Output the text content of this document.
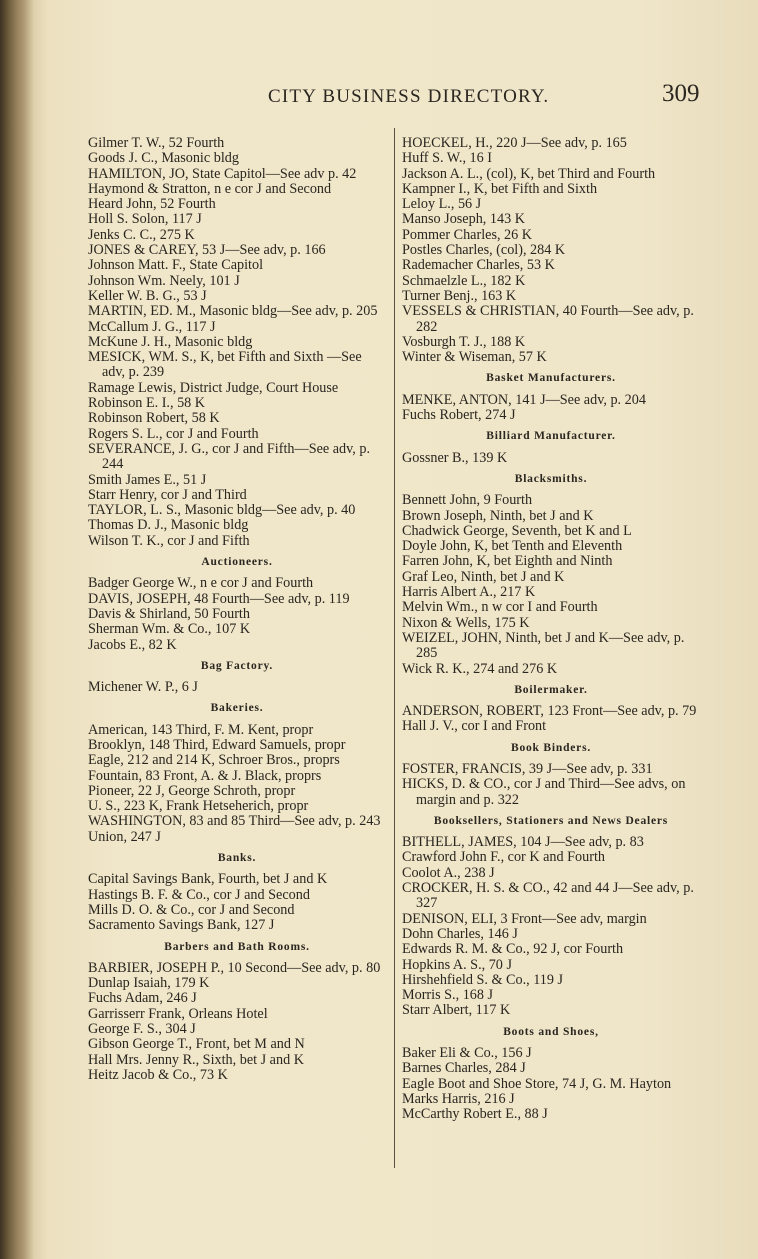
CITY BUSINESS DIRECTORY.	309
Gilmer T. W., 52 Fourth
Goods J. C., Masonic bldg
HAMILTON, JO, State Capitol—See adv p. 42
Haymond & Stratton, n e cor J and Second
Heard John, 52 Fourth
Holl S. Solon, 117 J
Jenks C. C., 275 K
JONES & CAREY, 53 J—See adv, p. 166
Johnson Matt. F., State Capitol
Johnson Wm. Neely, 101 J
Keller W. B. G., 53 J
MARTIN, ED. M., Masonic bldg—See adv, p. 205
McCallum J. G., 117 J
McKune J. H., Masonic bldg
MESICK, WM. S., K, bet Fifth and Sixth —See adv, p. 239
Ramage Lewis, District Judge, Court House
Robinson E. I., 58 K
Robinson Robert, 58 K
Rogers S. L., cor J and Fourth
SEVERANCE, J. G., cor J and Fifth—See adv, p. 244
Smith James E., 51 J
Starr Henry, cor J and Third
TAYLOR, L. S., Masonic bldg—See adv, p. 40
Thomas D. J., Masonic bldg
Wilson T. K., cor J and Fifth
Auctioneers.
Badger George W., n e cor J and Fourth
DAVIS, JOSEPH, 48 Fourth—See adv, p. 119
Davis & Shirland, 50 Fourth
Sherman Wm. & Co., 107 K
Jacobs E., 82 K
Bag Factory.
Michener W. P., 6 J
Bakeries.
American, 143 Third, F. M. Kent, propr
Brooklyn, 148 Third, Edward Samuels, propr
Eagle, 212 and 214 K, Schroer Bros., proprs
Fountain, 83 Front, A. & J. Black, proprs
Pioneer, 22 J, George Schroth, propr
U. S., 223 K, Frank Hetseherich, propr
WASHINGTON, 83 and 85 Third—See adv, p. 243
Union, 247 J
Banks.
Capital Savings Bank, Fourth, bet J and K
Hastings B. F. & Co., cor J and Second
Mills D. O. & Co., cor J and Second
Sacramento Savings Bank, 127 J
Barbers and Bath Rooms.
BARBIER, JOSEPH P., 10 Second—See adv, p. 80
Dunlap Isaiah, 179 K
Fuchs Adam, 246 J
Garrisserr Frank, Orleans Hotel
George F. S., 304 J
Gibson George T., Front, bet M and N
Hall Mrs. Jenny R., Sixth, bet J and K
Heitz Jacob & Co., 73 K
HOECKEL, H., 220 J—See adv, p. 165
Huff S. W., 16 I
Jackson A. L., (col), K, bet Third and Fourth
Kampner I., K, bet Fifth and Sixth
Leloy L., 56 J
Manso Joseph, 143 K
Pommer Charles, 26 K
Postles Charles, (col), 284 K
Rademacher Charles, 53 K
Schmaelzle L., 182 K
Turner Benj., 163 K
VESSELS & CHRISTIAN, 40 Fourth—See adv, p. 282
Vosburgh T. J., 188 K
Winter & Wiseman, 57 K
Basket Manufacturers.
MENKE, ANTON, 141 J—See adv, p. 204
Fuchs Robert, 274 J
Billiard Manufacturer.
Gossner B., 139 K
Blacksmiths.
Bennett John, 9 Fourth
Brown Joseph, Ninth, bet J and K
Chadwick George, Seventh, bet K and L
Doyle John, K, bet Tenth and Eleventh
Farren John, K, bet Eighth and Ninth
Graf Leo, Ninth, bet J and K
Harris Albert A., 217 K
Melvin Wm., n w cor I and Fourth
Nixon & Wells, 175 K
WEIZEL, JOHN, Ninth, bet J and K—See adv, p. 285
Wick R. K., 274 and 276 K
Boilermaker.
ANDERSON, ROBERT, 123 Front—See adv, p. 79
Hall J. V., cor I and Front
Book Binders.
FOSTER, FRANCIS, 39 J—See adv, p. 331
HICKS, D. & CO., cor J and Third—See advs, on margin and p. 322
Booksellers, Stationers and News Dealers
BITHELL, JAMES, 104 J—See adv, p. 83
Crawford John F., cor K and Fourth
Coolot A., 238 J
CROCKER, H. S. & CO., 42 and 44 J—See adv, p. 327
DENISON, ELI, 3 Front—See adv, margin
Dohn Charles, 146 J
Edwards R. M. & Co., 92 J, cor Fourth
Hopkins A. S., 70 J
Hirshehfield S. & Co., 119 J
Morris S., 168 J
Starr Albert, 117 K
Boots and Shoes,
Baker Eli & Co., 156 J
Barnes Charles, 284 J
Eagle Boot and Shoe Store, 74 J, G. M. Hayton
Marks Harris, 216 J
McCarthy Robert E., 88 J
